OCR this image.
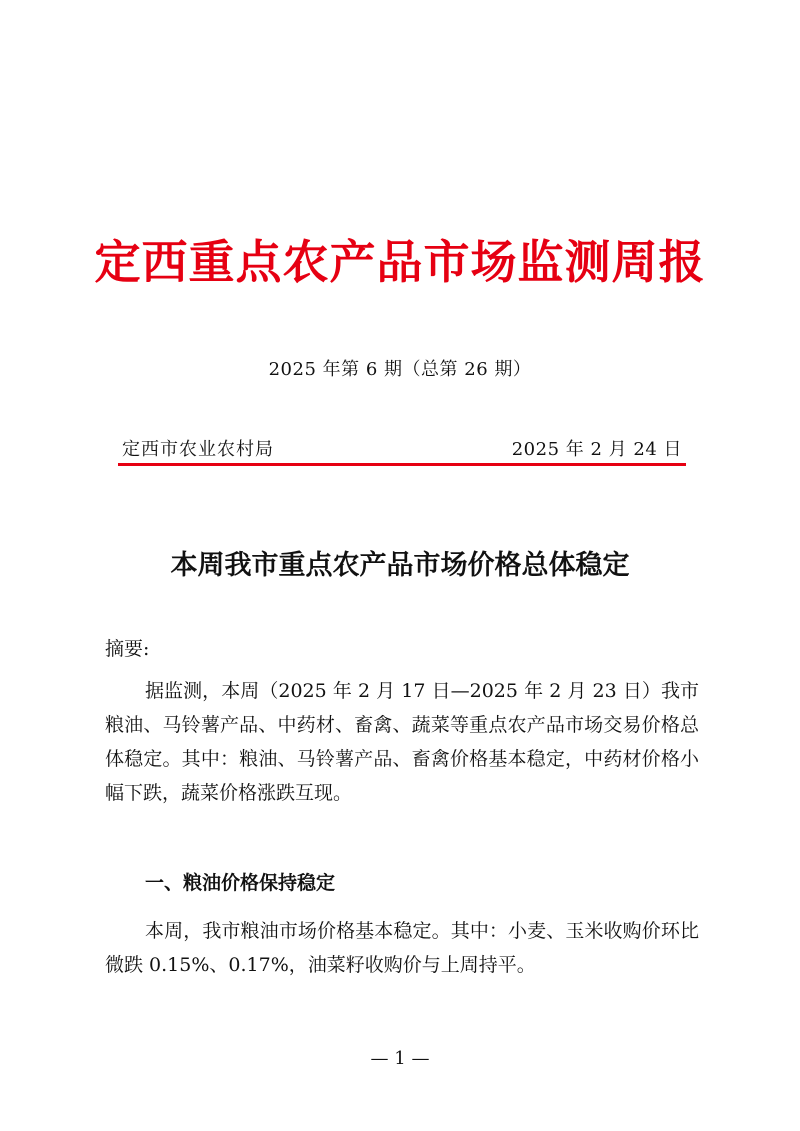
定西重点农产品市场监测周报
2025 年第 6 期（总第 26 期）
定西市农业农村局	2025 年 2 月 24 日
本周我市重点农产品市场价格总体稳定
摘要:
据监测，本周（2025 年 2 月 17 日—2025 年 2 月 23 日）我市粮油、马铃薯产品、中药材、畜禽、蔬菜等重点农产品市场交易价格总体稳定。其中：粮油、马铃薯产品、畜禽价格基本稳定，中药材价格小幅下跌，蔬菜价格涨跌互现。
一、粮油价格保持稳定
本周，我市粮油市场价格基本稳定。其中：小麦、玉米收购价环比微跌 0.15%、0.17%，油菜籽收购价与上周持平。
— 1 —
